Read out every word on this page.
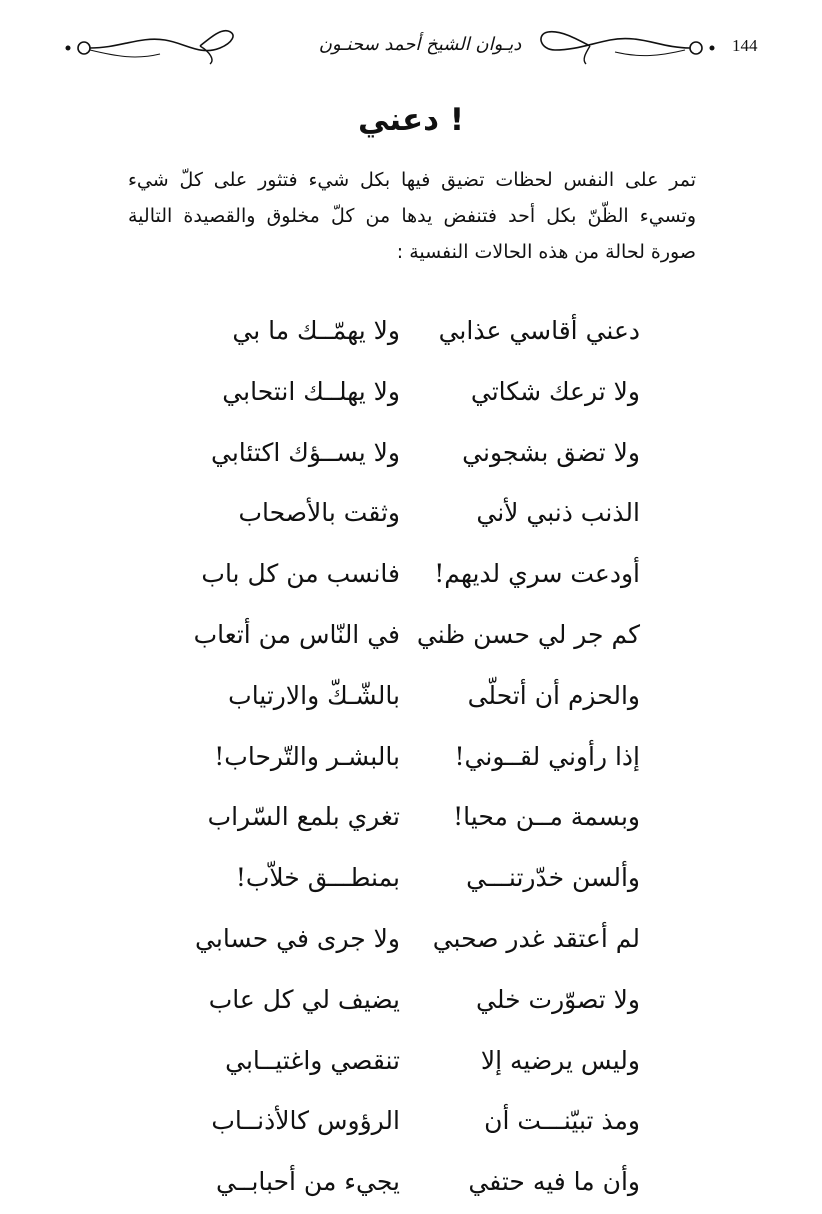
ديـوان الشيخ أحمد سحنـون	144
دعني !
تمر على النفس لحظات تضيق فيها بكل شيء فتثور على كلّ شيء
وتسيء الظّنّ بكل أحد فتنفض يدها من كلّ مخلوق والقصيدة التالية
صورة لحالة من هذه الحالات النفسية :
دعني أقاسي عذابي
ولا يهمّــك ما بي
ولا ترعك شكاتي
ولا يهلــك انتحابي
ولا تضق بشجوني
ولا يســؤك اكتئابي
الذنب ذنبي لأني
وثقت بالأصحاب
أودعت سري لديهم!
فانسب من كل باب
كم جر لي حسن ظني
في النّاس من أتعاب
والحزم أن أتحلّى
بالشّـكّ والارتياب
إذا رأوني لقــوني!
بالبشـر والتّرحاب!
وبسمة مــن محيا!
تغري بلمع السّراب
وألسن خدّرتنـــي
بمنطـــق خلاّب!
لم أعتقد غدر صحبي
ولا جرى في حسابي
ولا تصوّرت خلي
يضيف لي كل عاب
وليس يرضيه إلا
تنقصي واغتيــابي
ومذ تبيّنـــت أن
الرؤوس كالأذنــاب
وأن ما فيه حتفي
يجيء من أحبابــي
